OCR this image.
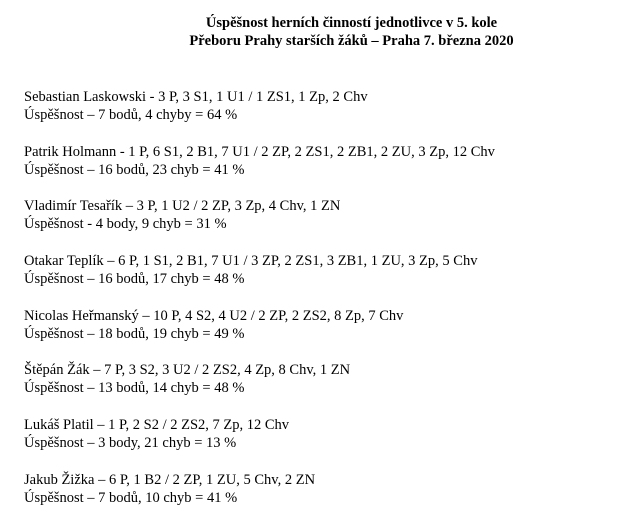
Úspěšnost herních činností jednotlivce v 5. kole
Přeboru Prahy starších žáků – Praha 7. března 2020
Sebastian Laskowski - 3 P, 3 S1, 1 U1 / 1 ZS1, 1 Zp, 2 Chv
Úspěšnost – 7 bodů, 4 chyby = 64 %
Patrik Holmann - 1 P, 6 S1, 2 B1, 7 U1 / 2 ZP, 2 ZS1, 2 ZB1, 2 ZU, 3 Zp, 12 Chv
Úspěšnost – 16 bodů, 23 chyb = 41 %
Vladimír Tesařík – 3 P, 1 U2 / 2 ZP, 3 Zp, 4 Chv, 1 ZN
Úspěšnost - 4 body, 9 chyb = 31 %
Otakar Teplík – 6 P, 1 S1, 2 B1, 7 U1 / 3 ZP, 2 ZS1, 3 ZB1, 1 ZU, 3 Zp, 5 Chv
Úspěšnost – 16 bodů, 17 chyb = 48 %
Nicolas Heřmanský – 10 P, 4 S2, 4 U2 / 2 ZP, 2 ZS2, 8 Zp, 7 Chv
Úspěšnost – 18 bodů, 19 chyb = 49 %
Štěpán Žák – 7 P, 3 S2, 3 U2 / 2 ZS2, 4 Zp, 8 Chv, 1 ZN
Úspěšnost – 13 bodů, 14 chyb = 48 %
Lukáš Platil – 1 P, 2 S2 / 2 ZS2, 7 Zp, 12 Chv
Úspěšnost – 3 body, 21 chyb = 13 %
Jakub Žižka – 6 P, 1 B2 / 2 ZP, 1 ZU, 5 Chv, 2 ZN
Úspěšnost – 7 bodů, 10 chyb = 41 %
